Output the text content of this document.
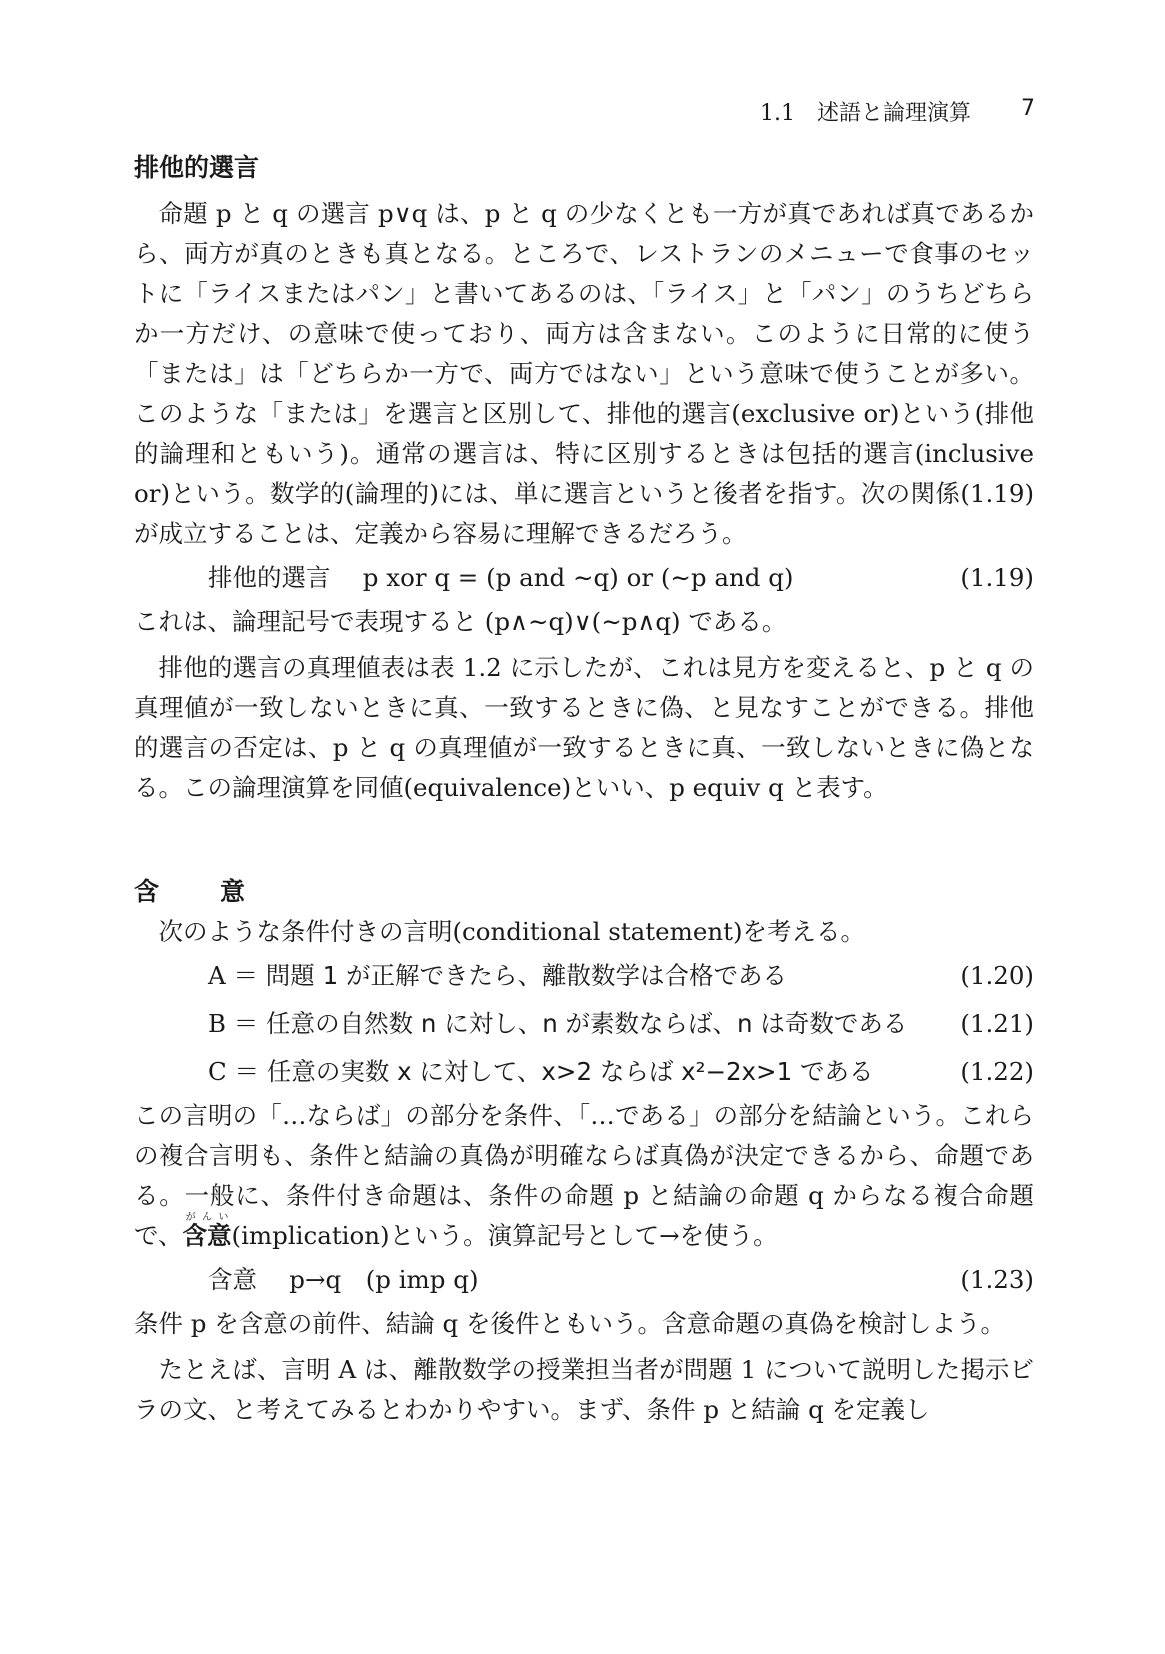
1.1　述語と論理演算 7
排他的選言

命題 p と q の選言 p∨q は、p と q の少なくとも一方が真であれば真であるから、両方が真のときも真となる。ところで、レストランのメニューで食事のセットに「ライスまたはパン」と書いてあるのは、「ライス」と「パン」のうちどちらか一方だけ、の意味で使っており、両方は含まない。このように日常的に使う「または」は「どちらか一方で、両方ではない」という意味で使うことが多い。このような「または」を選言と区別して、排他的選言(exclusive or)という(排他的論理和ともいう)。通常の選言は、特に区別するときは包括的選言(inclusive or)という。数学的(論理的)には、単に選言というと後者を指す。次の関係(1.19)が成立することは、定義から容易に理解できるだろう。

排他的選言　 p xor q = (p and ∼q) or (∼p and q)	(1.19)
これは、論理記号で表現すると (p∧∼q)∨(∼p∧q) である。

排他的選言の真理値表は表 1.2 に示したが、これは見方を変えると、p と q の真理値が一致しないときに真、一致するときに偽、と見なすことができる。排他的選言の否定は、p と q の真理値が一致するときに真、一致しないときに偽となる。この論理演算を同値(equivalence)といい、p equiv q と表す。

含　意

次のような条件付きの言明(conditional statement)を考える。

A ＝ 問題 1 が正解できたら、離散数学は合格である	(1.20)
B ＝ 任意の自然数 n に対し、n が素数ならば、n は奇数である (1.21)
C ＝ 任意の実数 x に対して、x>2 ならば x²−2x>1 である	(1.22)
この言明の「…ならば」の部分を条件、「…である」の部分を結論という。これらの複合言明も、条件と結論の真偽が明確ならば真偽が決定できるから、命題である。一般に、条件付き命題は、条件の命題 p と結論の命題 q からなる複合命題で、含意がんい(implication)という。演算記号として→を使う。
含意　 p→q　(p imp q)	(1.23)
条件 p を含意の前件、結論 q を後件ともいう。含意命題の真偽を検討しよう。

たとえば、言明 A は、離散数学の授業担当者が問題 1 について説明した掲示ビラの文、と考えてみるとわかりやすい。まず、条件 p と結論 q を定義し
